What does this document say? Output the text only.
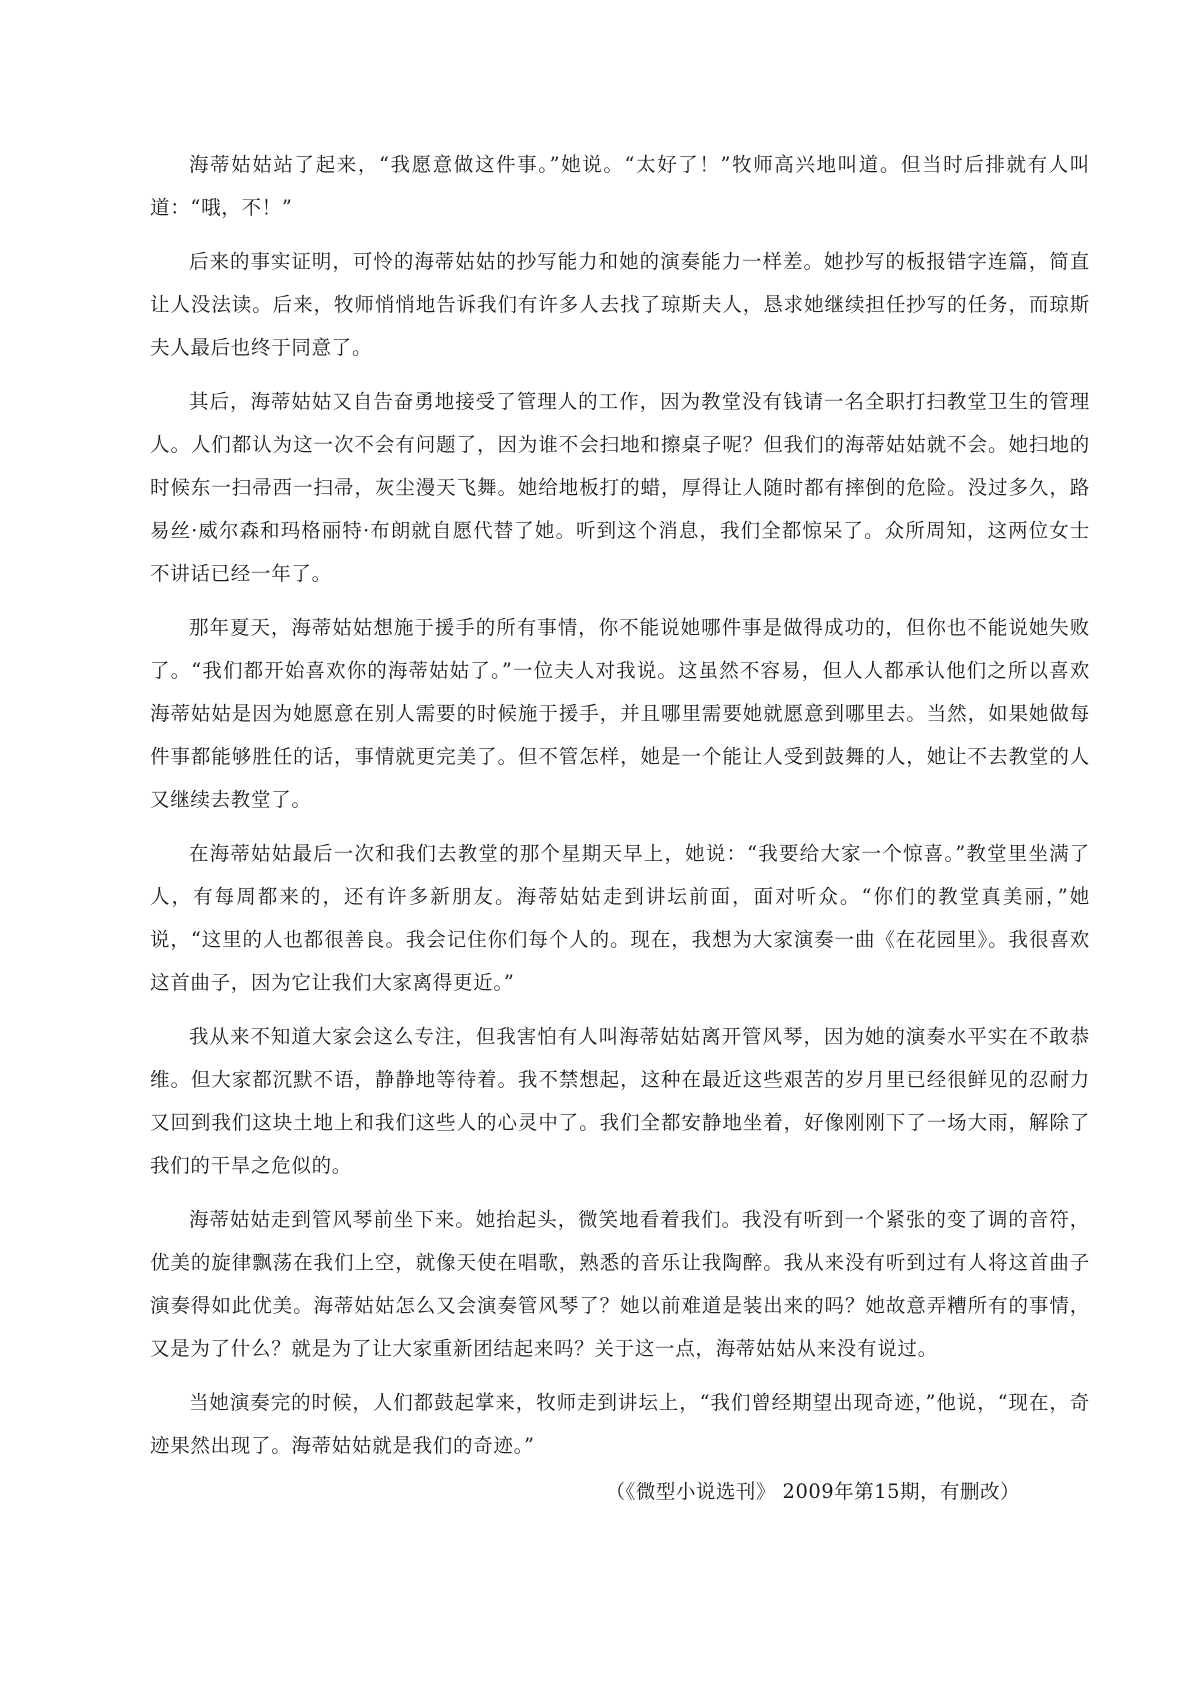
海蒂姑姑站了起来，“我愿意做这件事。”她说。“太好了！”牧师高兴地叫道。但当时后排就有人叫道：“哦，不！”

后来的事实证明，可怜的海蒂姑姑的抄写能力和她的演奏能力一样差。她抄写的板报错字连篇，简直让人没法读。后来，牧师悄悄地告诉我们有许多人去找了琼斯夫人，恳求她继续担任抄写的任务，而琼斯夫人最后也终于同意了。

其后，海蒂姑姑又自告奋勇地接受了管理人的工作，因为教堂没有钱请一名全职打扫教堂卫生的管理人。人们都认为这一次不会有问题了，因为谁不会扫地和擦桌子呢？但我们的海蒂姑姑就不会。她扫地的时候东一扫帚西一扫帚，灰尘漫天飞舞。她给地板打的蜡，厚得让人随时都有摔倒的危险。没过多久，路易丝·威尔森和玛格丽特·布朗就自愿代替了她。听到这个消息，我们全都惊呆了。众所周知，这两位女士不讲话已经一年了。

那年夏天，海蒂姑姑想施于援手的所有事情，你不能说她哪件事是做得成功的，但你也不能说她失败了。“我们都开始喜欢你的海蒂姑姑了。”一位夫人对我说。这虽然不容易，但人人都承认他们之所以喜欢海蒂姑姑是因为她愿意在别人需要的时候施于援手，并且哪里需要她就愿意到哪里去。当然，如果她做每件事都能够胜任的话，事情就更完美了。但不管怎样，她是一个能让人受到鼓舞的人，她让不去教堂的人又继续去教堂了。

在海蒂姑姑最后一次和我们去教堂的那个星期天早上，她说：“我要给大家一个惊喜。”教堂里坐满了人，有每周都来的，还有许多新朋友。海蒂姑姑走到讲坛前面，面对听众。“你们的教堂真美丽，”她说，“这里的人也都很善良。我会记住你们每个人的。现在，我想为大家演奏一曲《在花园里》。我很喜欢这首曲子，因为它让我们大家离得更近。”

我从来不知道大家会这么专注，但我害怕有人叫海蒂姑姑离开管风琴，因为她的演奏水平实在不敢恭维。但大家都沉默不语，静静地等待着。我不禁想起，这种在最近这些艰苦的岁月里已经很鲜见的忍耐力又回到我们这块土地上和我们这些人的心灵中了。我们全都安静地坐着，好像刚刚下了一场大雨，解除了我们的干旱之危似的。

海蒂姑姑走到管风琴前坐下来。她抬起头，微笑地看着我们。我没有听到一个紧张的变了调的音符，优美的旋律飘荡在我们上空，就像天使在唱歌，熟悉的音乐让我陶醉。我从来没有听到过有人将这首曲子演奏得如此优美。海蒂姑姑怎么又会演奏管风琴了？她以前难道是装出来的吗？她故意弄糟所有的事情，又是为了什么？就是为了让大家重新团结起来吗？关于这一点，海蒂姑姑从来没有说过。

当她演奏完的时候，人们都鼓起掌来，牧师走到讲坛上，“我们曾经期望出现奇迹，”他说，“现在，奇迹果然出现了。海蒂姑姑就是我们的奇迹。”

（《微型小说选刊》 2009年第15期，有删改）
